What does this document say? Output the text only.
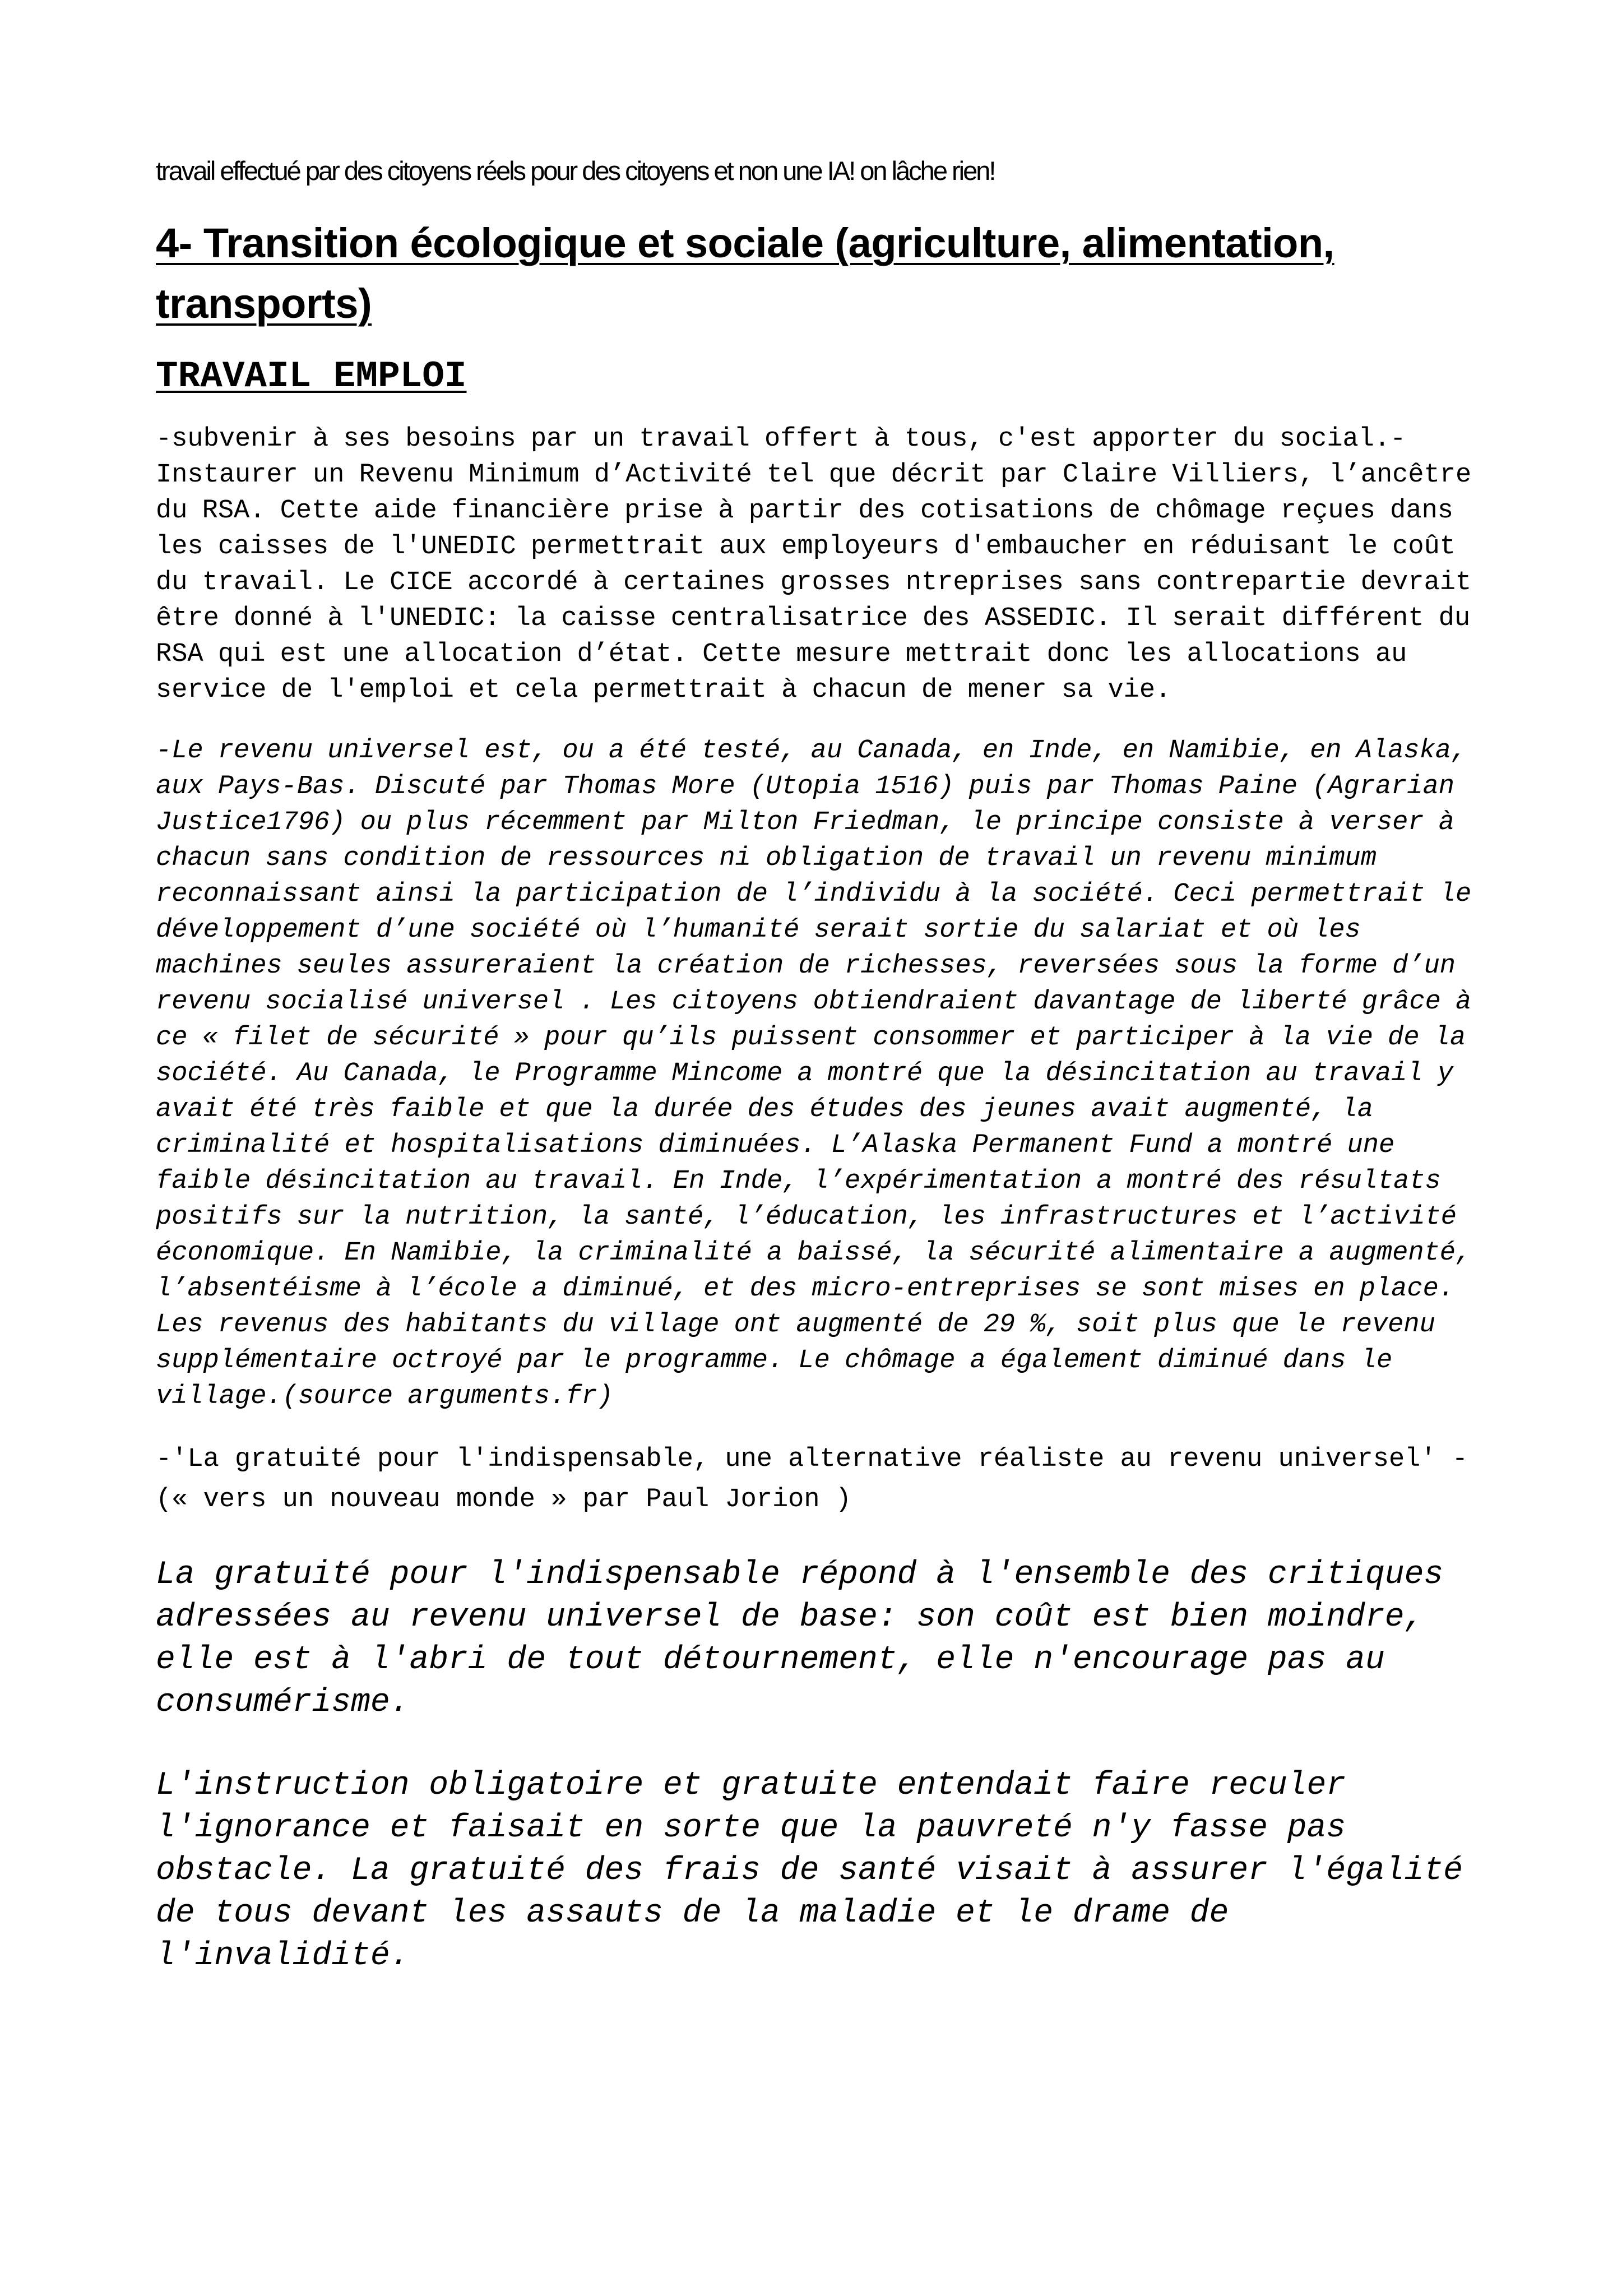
travail effectué par des citoyens réels pour des citoyens et non une IA! on lâche rien!

4- Transition écologique et sociale (agriculture, alimentation, transports)
TRAVAIL EMPLOI

-subvenir à ses besoins par un travail offert à tous, c'est apporter du social.-Instaurer un Revenu Minimum d’Activité tel que décrit par Claire Villiers, l’ancêtre du RSA. Cette aide financière prise à partir des cotisations de chômage reçues dans les caisses de l'UNEDIC permettrait aux employeurs d'embaucher en réduisant le coût du travail. Le CICE accordé à certaines grosses ntreprises sans contrepartie devrait être donné à l'UNEDIC: la caisse centralisatrice des ASSEDIC. Il serait différent du RSA qui est une allocation d’état. Cette mesure mettrait donc les allocations au service de l'emploi et cela permettrait à chacun de mener sa vie.

-Le revenu universel est, ou a été testé, au Canada, en Inde, en Namibie, en Alaska, aux Pays-Bas. Discuté par Thomas More (Utopia 1516) puis par Thomas Paine (Agrarian Justice1796) ou plus récemment par Milton Friedman, le principe consiste à verser à chacun sans condition de ressources ni obligation de travail un revenu minimum reconnaissant ainsi la participation de l’individu à la société. Ceci permettrait le développement d’une société où l’humanité serait sortie du salariat et où les machines seules assureraient la création de richesses, reversées sous la forme d’un revenu socialisé universel . Les citoyens obtiendraient davantage de liberté grâce à ce « filet de sécurité » pour qu’ils puissent consommer et participer à la vie de la société. Au Canada, le Programme Mincome a montré que la désincitation au travail y avait été très faible et que la durée des études des jeunes avait augmenté, la criminalité et hospitalisations diminuées. L’Alaska Permanent Fund a montré une faible désincitation au travail. En Inde, l’expérimentation a montré des résultats positifs sur la nutrition, la santé, l’éducation, les infrastructures et l’activité économique. En Namibie, la criminalité a baissé, la sécurité alimentaire a augmenté, l’absentéisme à l’école a diminué, et des micro-entreprises se sont mises en place. Les revenus des habitants du village ont augmenté de 29 %, soit plus que le revenu supplémentaire octroyé par le programme. Le chômage a également diminué dans le village.(source arguments.fr)

-'La gratuité pour l'indispensable, une alternative réaliste au revenu universel' - (« vers un nouveau monde » par Paul Jorion )

La gratuité pour l'indispensable répond à l'ensemble des critiques adressées au revenu universel de base: son coût est bien moindre, elle est à l'abri de tout détournement, elle n'encourage pas au consumérisme.

L'instruction obligatoire et gratuite entendait faire reculer l'ignorance et faisait en sorte que la pauvreté n'y fasse pas obstacle. La gratuité des frais de santé visait à assurer l'égalité de tous devant les assauts de la maladie et le drame de l'invalidité.
